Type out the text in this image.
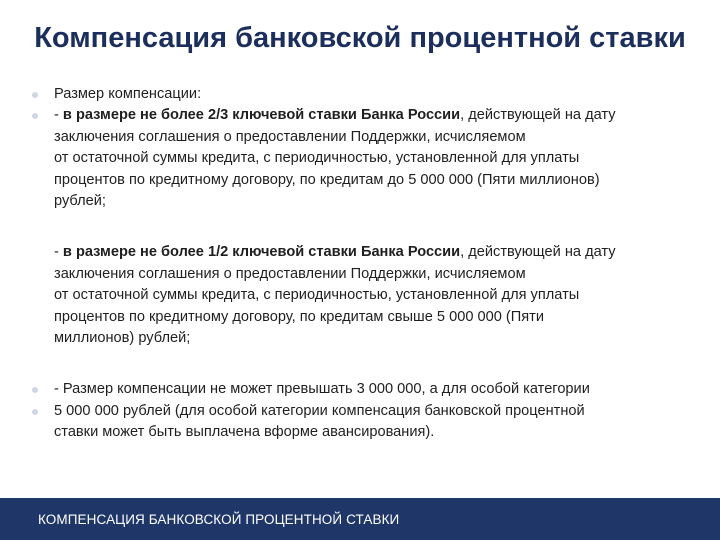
Компенсация банковской процентной ставки

Размер компенсации:

- в размере не более 2/3 ключевой ставки Банка России, действующей на дату

заключения соглашения о предоставлении Поддержки, исчисляемом

от остаточной суммы кредита, с периодичностью, установленной для уплаты

процентов по кредитному договору, по кредитам до 5 000 000 (Пяти миллионов)

рублей;

- в размере не более 1/2 ключевой ставки Банка России, действующей на дату

заключения соглашения о предоставлении Поддержки, исчисляемом

от остаточной суммы кредита, с периодичностью, установленной для уплаты

процентов по кредитному договору, по кредитам свыше 5 000 000 (Пяти

миллионов) рублей;

- Размер компенсации не может превышать 3 000 000, а для особой категории

5 000 000 рублей (для особой категории компенсация банковской процентной

ставки может быть выплачена вформе авансирования).

КОМПЕНСАЦИЯ БАНКОВСКОЙ ПРОЦЕНТНОЙ СТАВКИ
